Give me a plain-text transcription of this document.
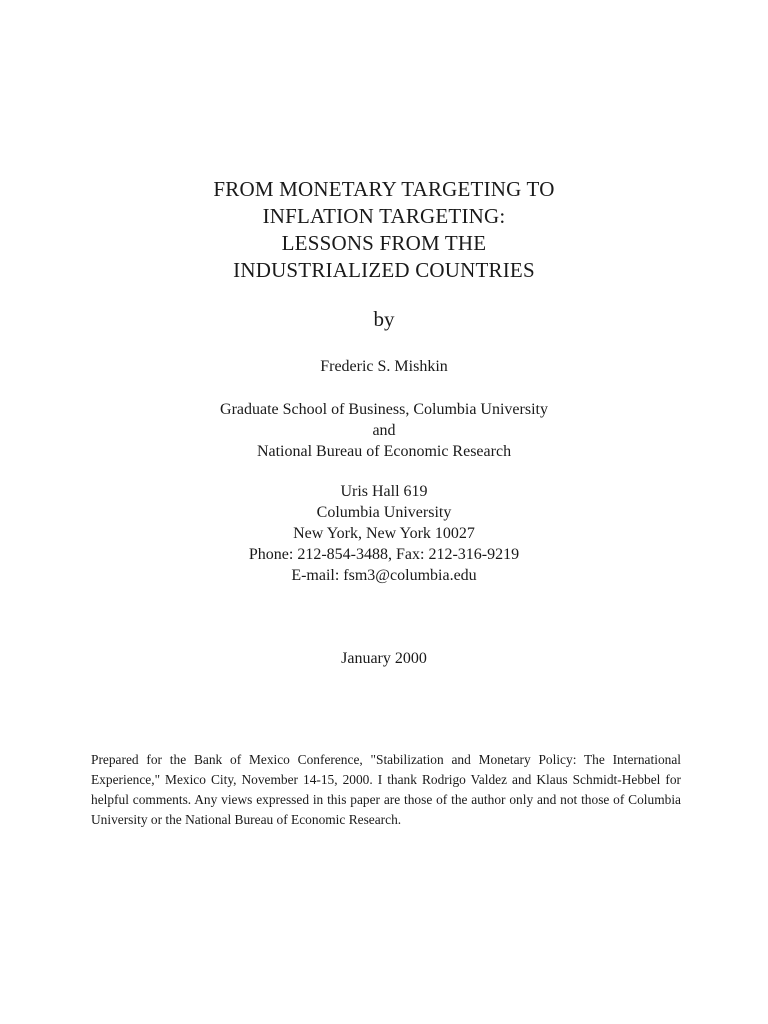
FROM MONETARY TARGETING TO
INFLATION TARGETING:
LESSONS FROM THE
INDUSTRIALIZED COUNTRIES
by
Frederic S. Mishkin
Graduate School of Business, Columbia University
and
National Bureau of Economic Research
Uris Hall 619
Columbia University
New York, New York 10027
Phone: 212-854-3488, Fax: 212-316-9219
E-mail: fsm3@columbia.edu
January 2000
Prepared for the Bank of Mexico Conference, "Stabilization and Monetary Policy: The International Experience," Mexico City, November 14-15, 2000. I thank Rodrigo Valdez and Klaus Schmidt-Hebbel for helpful comments. Any views expressed in this paper are those of the author only and not those of Columbia University or the National Bureau of Economic Research.
